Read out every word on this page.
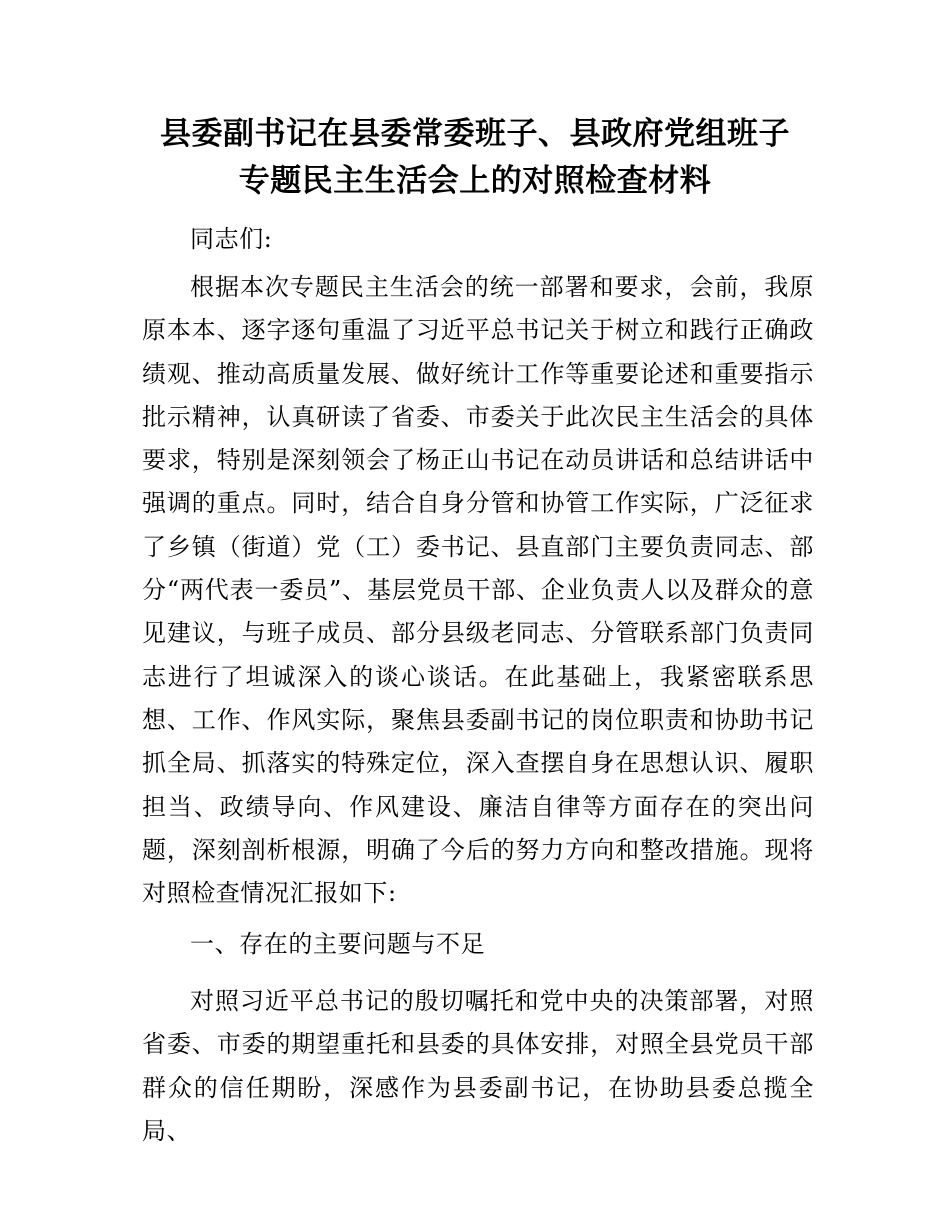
县委副书记在县委常委班子、县政府党组班子
专题民主生活会上的对照检查材料
同志们:
根据本次专题民主生活会的统一部署和要求，会前，我原原本本、逐字逐句重温了习近平总书记关于树立和践行正确政绩观、推动高质量发展、做好统计工作等重要论述和重要指示批示精神，认真研读了省委、市委关于此次民主生活会的具体要求，特别是深刻领会了杨正山书记在动员讲话和总结讲话中强调的重点。同时，结合自身分管和协管工作实际，广泛征求了乡镇（街道）党（工）委书记、县直部门主要负责同志、部分“两代表一委员”、基层党员干部、企业负责人以及群众的意见建议，与班子成员、部分县级老同志、分管联系部门负责同志进行了坦诚深入的谈心谈话。在此基础上，我紧密联系思想、工作、作风实际，聚焦县委副书记的岗位职责和协助书记抓全局、抓落实的特殊定位，深入查摆自身在思想认识、履职担当、政绩导向、作风建设、廉洁自律等方面存在的突出问题，深刻剖析根源，明确了今后的努力方向和整改措施。现将对照检查情况汇报如下:
一、存在的主要问题与不足
对照习近平总书记的殷切嘱托和党中央的决策部署，对照省委、市委的期望重托和县委的具体安排，对照全县党员干部群众的信任期盼，深感作为县委副书记，在协助县委总揽全局、
